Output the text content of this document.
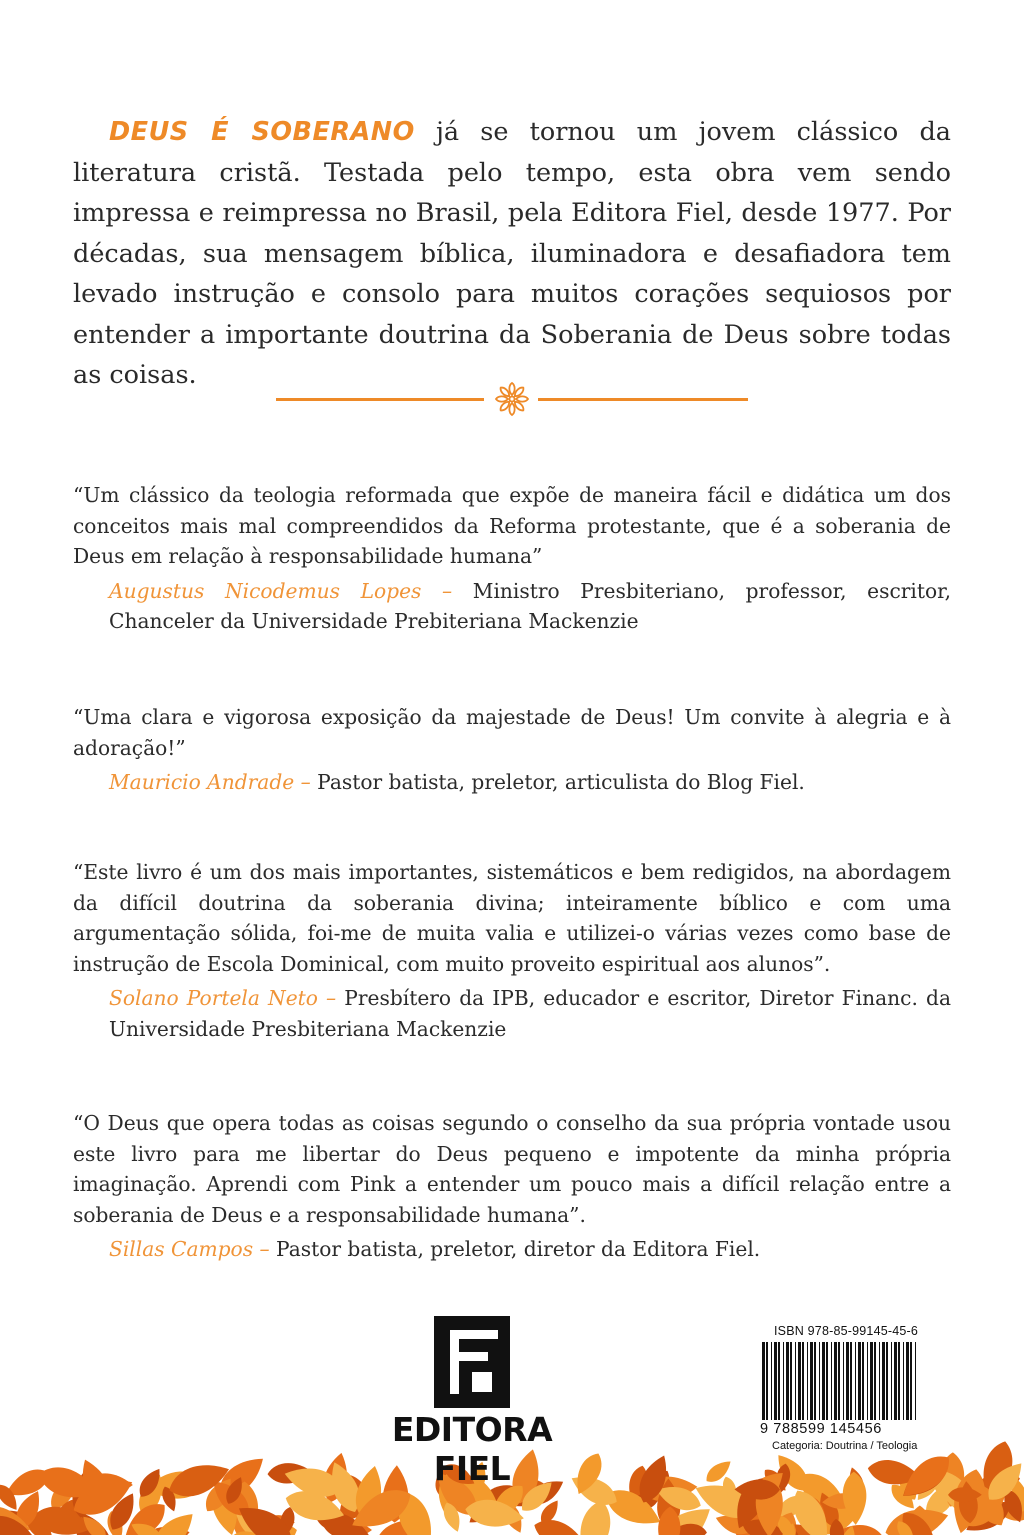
DEUS É SOBERANO já se tornou um jovem clássico da literatura cristã. Testada pelo tempo, esta obra vem sendo impressa e reimpressa no Brasil, pela Editora Fiel, desde 1977. Por décadas, sua mensagem bíblica, iluminadora e desafiadora tem levado instrução e consolo para muitos corações sequiosos por entender a importante doutrina da Soberania de Deus sobre todas as coisas.

“Um clássico da teologia reformada que expõe de maneira fácil e didática um dos conceitos mais mal compreendidos da Reforma protestante, que é a soberania de Deus em relação à responsabilidade humana”

Augustus Nicodemus Lopes – Ministro Presbiteriano, professor, escritor, Chanceler da Universidade Prebiteriana Mackenzie

“Uma clara e vigorosa exposição da majestade de Deus! Um convite à alegria e à adoração!”

Mauricio Andrade – Pastor batista, preletor, articulista do Blog Fiel.

“Este livro é um dos mais importantes, sistemáticos e bem redigidos, na abordagem da difícil doutrina da soberania divina; inteiramente bíblico e com uma argumentação sólida, foi-me de muita valia e utilizei-o várias vezes como base de instrução de Escola Dominical, com muito proveito espiritual aos alunos”.

Solano Portela Neto – Presbítero da IPB, educador e escritor, Diretor Financ. da Universidade Presbiteriana Mackenzie

“O Deus que opera todas as coisas segundo o conselho da sua própria vontade usou este livro para me libertar do Deus pequeno e impotente da minha própria imaginação. Aprendi com Pink a entender um pouco mais a difícil relação entre a soberania de Deus e a responsabilidade humana”.

Sillas Campos – Pastor batista, preletor, diretor da Editora Fiel.

EDITORA FIEL
ISBN 978-85-99145-45-6
9 788599 145456
Categoria: Doutrina / Teologia
